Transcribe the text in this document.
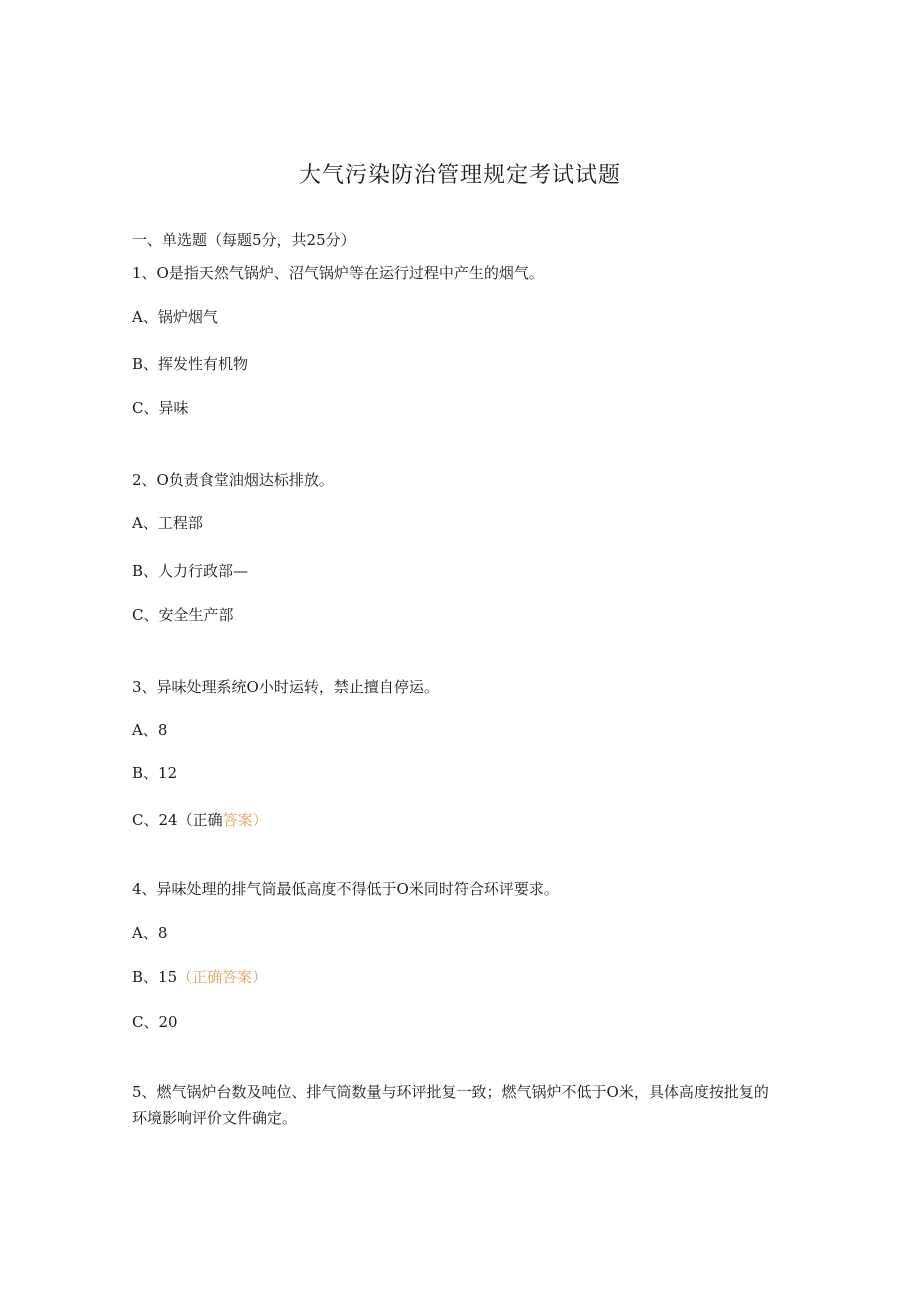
大气污染防治管理规定考试试题
一、单选题（每题5分，共25分）
1、O是指天然气锅炉、沼气锅炉等在运行过程中产生的烟气。
A、锅炉烟气
B、挥发性有机物
C、异味
2、O负责食堂油烟达标排放。
A、工程部
B、人力行政部—
C、安全生产部
3、异味处理系统O小时运转，禁止擅自停运。
A、8
B、12
C、24（正确答案）
4、异味处理的排气筒最低高度不得低于O米同时符合环评要求。
A、8
B、15（正确答案）
C、20
5、燃气锅炉台数及吨位、排气筒数量与环评批复一致；燃气锅炉不低于O米，具体高度按批复的环境影响评价文件确定。
